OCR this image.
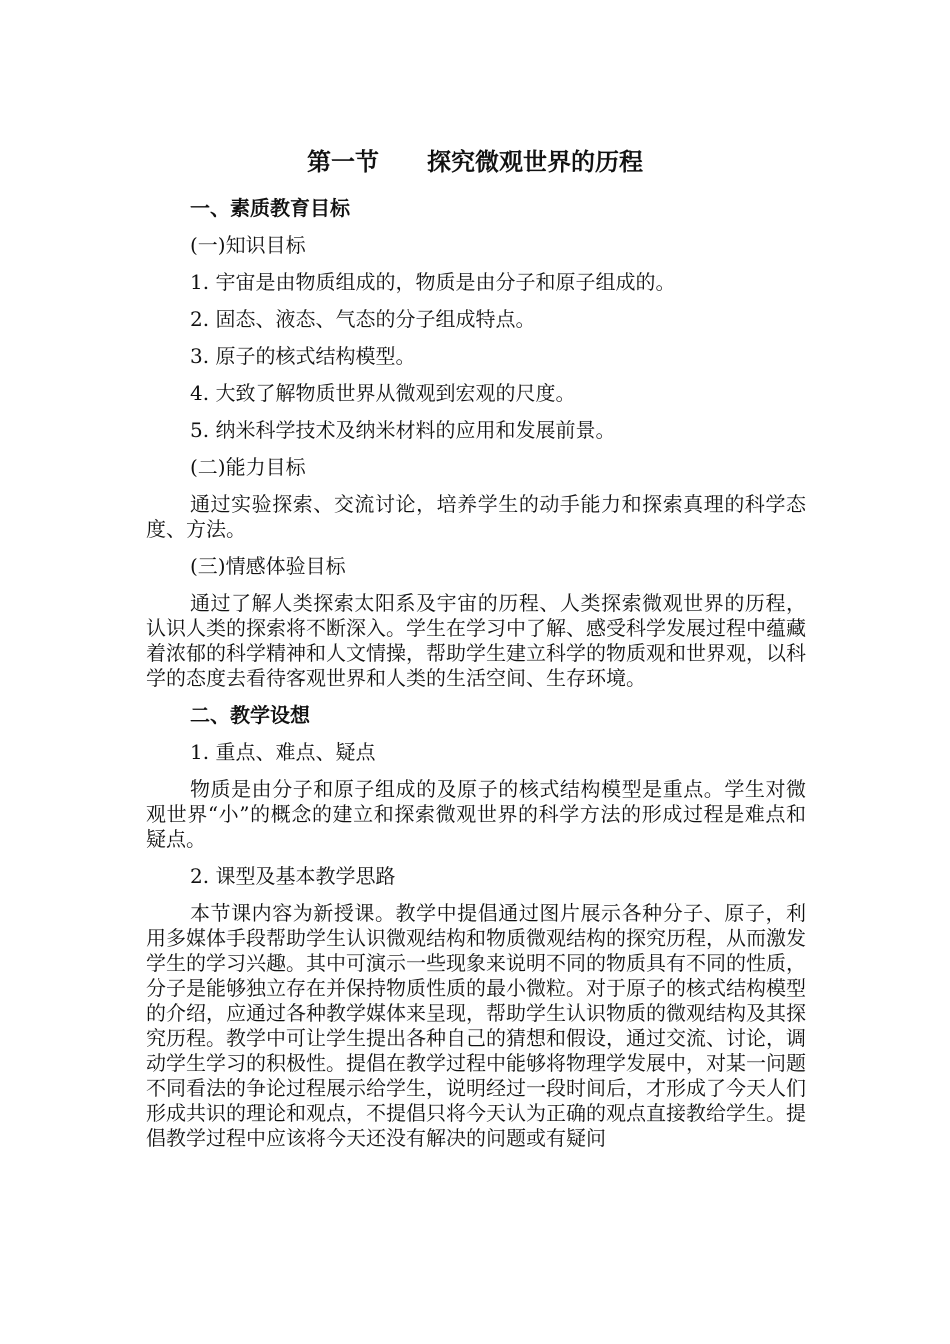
第一节　　探究微观世界的历程

一、素质教育目标

(一)知识目标

1. 宇宙是由物质组成的，物质是由分子和原子组成的。

2. 固态、液态、气态的分子组成特点。

3. 原子的核式结构模型。

4. 大致了解物质世界从微观到宏观的尺度。

5. 纳米科学技术及纳米材料的应用和发展前景。

(二)能力目标

通过实验探索、交流讨论，培养学生的动手能力和探索真理的科学态度、方法。

(三)情感体验目标

通过了解人类探索太阳系及宇宙的历程、人类探索微观世界的历程，认识人类的探索将不断深入。学生在学习中了解、感受科学发展过程中蕴藏着浓郁的科学精神和人文情操，帮助学生建立科学的物质观和世界观，以科学的态度去看待客观世界和人类的生活空间、生存环境。

二、教学设想

1. 重点、难点、疑点

物质是由分子和原子组成的及原子的核式结构模型是重点。学生对微观世界“小”的概念的建立和探索微观世界的科学方法的形成过程是难点和疑点。

2. 课型及基本教学思路

本节课内容为新授课。教学中提倡通过图片展示各种分子、原子，利用多媒体手段帮助学生认识微观结构和物质微观结构的探究历程，从而激发学生的学习兴趣。其中可演示一些现象来说明不同的物质具有不同的性质，分子是能够独立存在并保持物质性质的最小微粒。对于原子的核式结构模型的介绍，应通过各种教学媒体来呈现，帮助学生认识物质的微观结构及其探究历程。教学中可让学生提出各种自己的猜想和假设，通过交流、讨论，调动学生学习的积极性。提倡在教学过程中能够将物理学发展中，对某一问题不同看法的争论过程展示给学生，说明经过一段时间后，才形成了今天人们形成共识的理论和观点，不提倡只将今天认为正确的观点直接教给学生。提倡教学过程中应该将今天还没有解决的问题或有疑问
